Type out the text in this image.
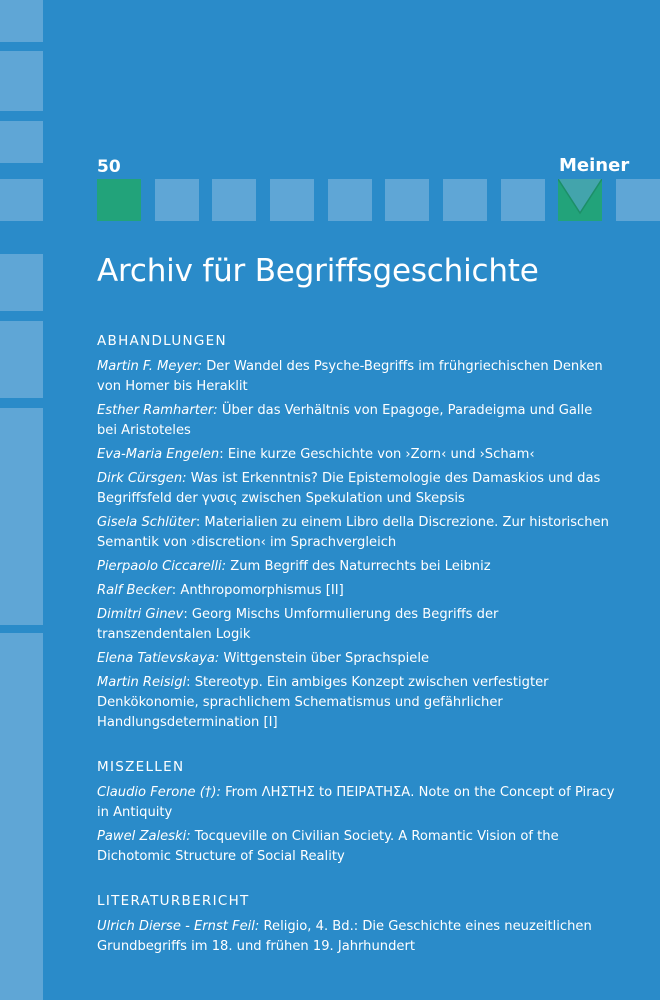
50	Meiner
Archiv für Begriffsgeschichte
ABHANDLUNGEN

Martin F. Meyer: Der Wandel des Psyche-Begriffs im frühgriechischen Denken von Homer bis Heraklit

Esther Ramharter: Über das Verhältnis von Epagoge, Paradeigma und Galle bei Aristoteles

Eva-Maria Engelen: Eine kurze Geschichte von ›Zorn‹ und ›Scham‹

Dirk Cürsgen: Was ist Erkenntnis? Die Epistemologie des Damaskios und das Begriffsfeld der γνσις zwischen Spekulation und Skepsis

Gisela Schlüter: Materialien zu einem Libro della Discrezione. Zur historischen Semantik von ›discretion‹ im Sprachvergleich

Pierpaolo Ciccarelli: Zum Begriff des Naturrechts bei Leibniz

Ralf Becker: Anthropomorphismus [II]

Dimitri Ginev: Georg Mischs Umformulierung des Begriffs der transzendentalen Logik

Elena Tatievskaya: Wittgenstein über Sprachspiele

Martin Reisigl: Stereotyp. Ein ambiges Konzept zwischen verfestigter Denkökonomie, sprachlichem Schematismus und gefährlicher Handlungsdetermination [I]

MISZELLEN

Claudio Ferone (†): From ΛΗΣΤΗΣ to ΠΕΙΡΑΤΗΣΑ. Note on the Concept of Piracy in Antiquity

Pawel Zaleski: Tocqueville on Civilian Society. A Romantic Vision of the Dichotomic Structure of Social Reality

LITERATURBERICHT

Ulrich Dierse - Ernst Feil: Religio, 4. Bd.: Die Geschichte eines neuzeitlichen Grundbegriffs im 18. und frühen 19. Jahrhundert
